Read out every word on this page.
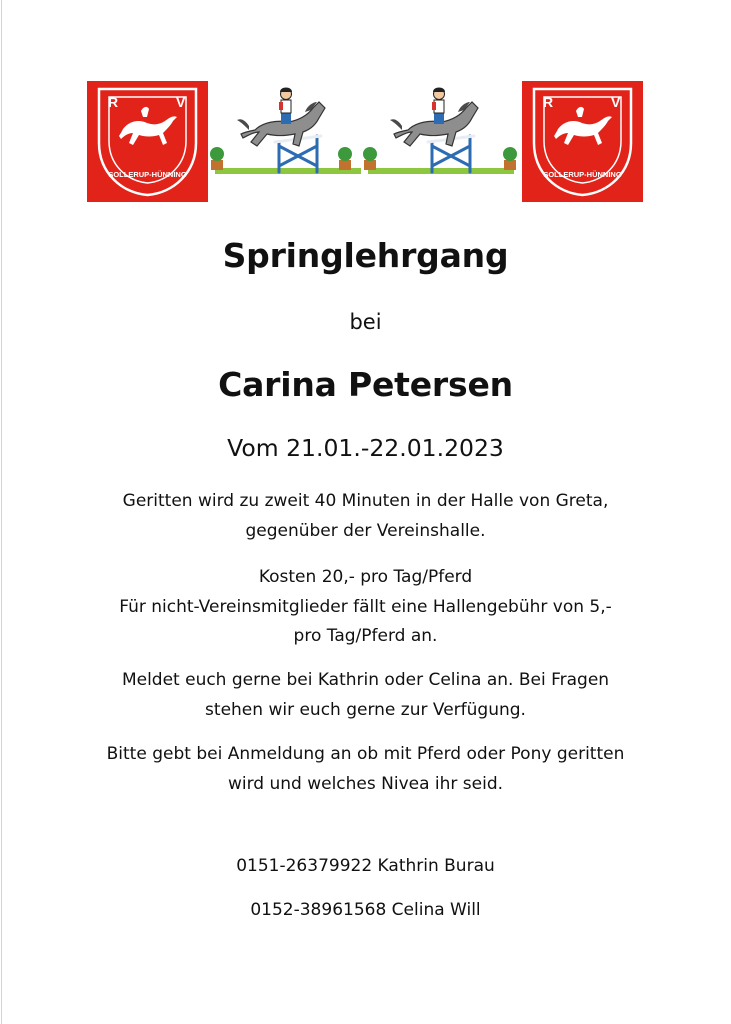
R	V
SOLLERUP-HÜNNING
R	V
SOLLERUP-HÜNNING
Springlehrgang
bei
Carina Petersen
Vom 21.01.-22.01.2023
Geritten wird zu zweit 40 Minuten in der Halle von Greta,
gegenüber der Vereinshalle.
Kosten 20,- pro Tag/Pferd
Für nicht-Vereinsmitglieder fällt eine Hallengebühr von 5,-
pro Tag/Pferd an.
Meldet euch gerne bei Kathrin oder Celina an. Bei Fragen
stehen wir euch gerne zur Verfügung.
Bitte gebt bei Anmeldung an ob mit Pferd oder Pony geritten
wird und welches Nivea ihr seid.
0151-26379922 Kathrin Burau
0152-38961568 Celina Will
